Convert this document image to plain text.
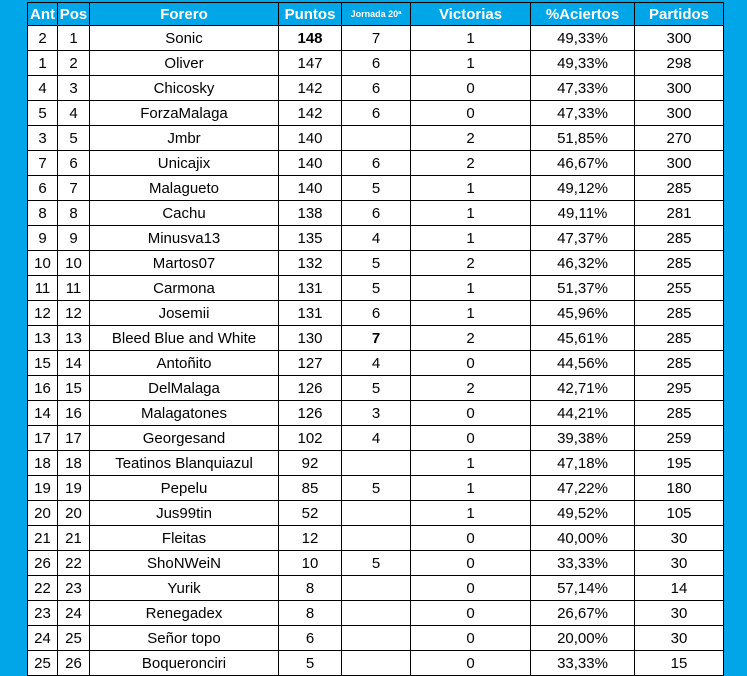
Ant	Pos	Forero	Puntos	Jornada 20ª	Victorias	%Aciertos	Partidos
2	1	Sonic	148	7	1	49,33%	300
1	2	Oliver	147	6	1	49,33%	298
4	3	Chicosky	142	6	0	47,33%	300
5	4	ForzaMalaga	142	6	0	47,33%	300
3	5	Jmbr	140		2	51,85%	270
7	6	Unicajix	140	6	2	46,67%	300
6	7	Malagueto	140	5	1	49,12%	285
8	8	Cachu	138	6	1	49,11%	281
9	9	Minusva13	135	4	1	47,37%	285
10	10	Martos07	132	5	2	46,32%	285
11	11	Carmona	131	5	1	51,37%	255
12	12	Josemii	131	6	1	45,96%	285
13	13	Bleed Blue and White	130	7	2	45,61%	285
15	14	Antoñito	127	4	0	44,56%	285
16	15	DelMalaga	126	5	2	42,71%	295
14	16	Malagatones	126	3	0	44,21%	285
17	17	Georgesand	102	4	0	39,38%	259
18	18	Teatinos Blanquiazul	92		1	47,18%	195
19	19	Pepelu	85	5	1	47,22%	180
20	20	Jus99tin	52		1	49,52%	105
21	21	Fleitas	12		0	40,00%	30
26	22	ShoNWeiN	10	5	0	33,33%	30
22	23	Yurik	8		0	57,14%	14
23	24	Renegadex	8		0	26,67%	30
24	25	Señor topo	6		0	20,00%	30
25	26	Boqueronciri	5		0	33,33%	15
